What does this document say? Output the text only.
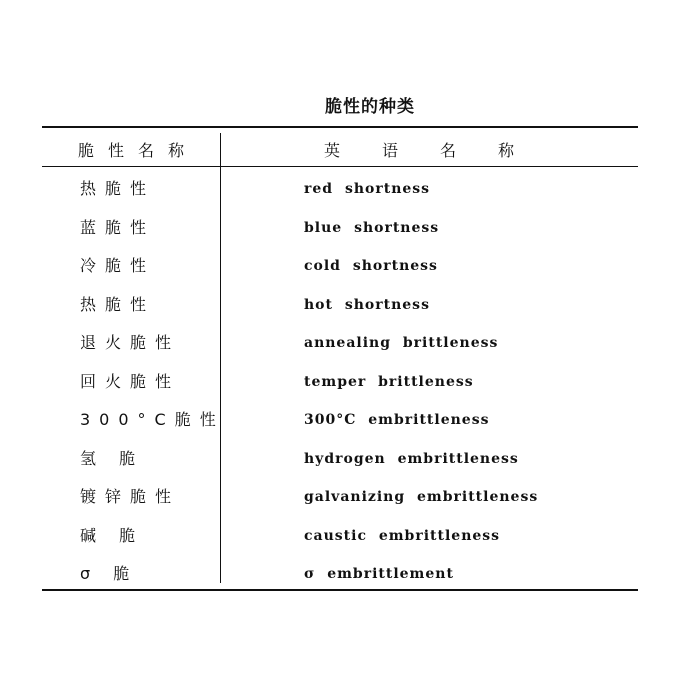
脆性的种类
脆性名称	英语名称
热脆性	red shortness
蓝脆性	blue shortness
冷脆性	cold shortness
热脆性	hot shortness
退火脆性	annealing brittleness
回火脆性	temper brittleness
300°C脆性	300°C embrittleness
氢 脆	hydrogen embrittleness
镀锌脆性	galvanizing embrittleness
碱 脆	caustic embrittleness
σ 脆	σ embrittlement
